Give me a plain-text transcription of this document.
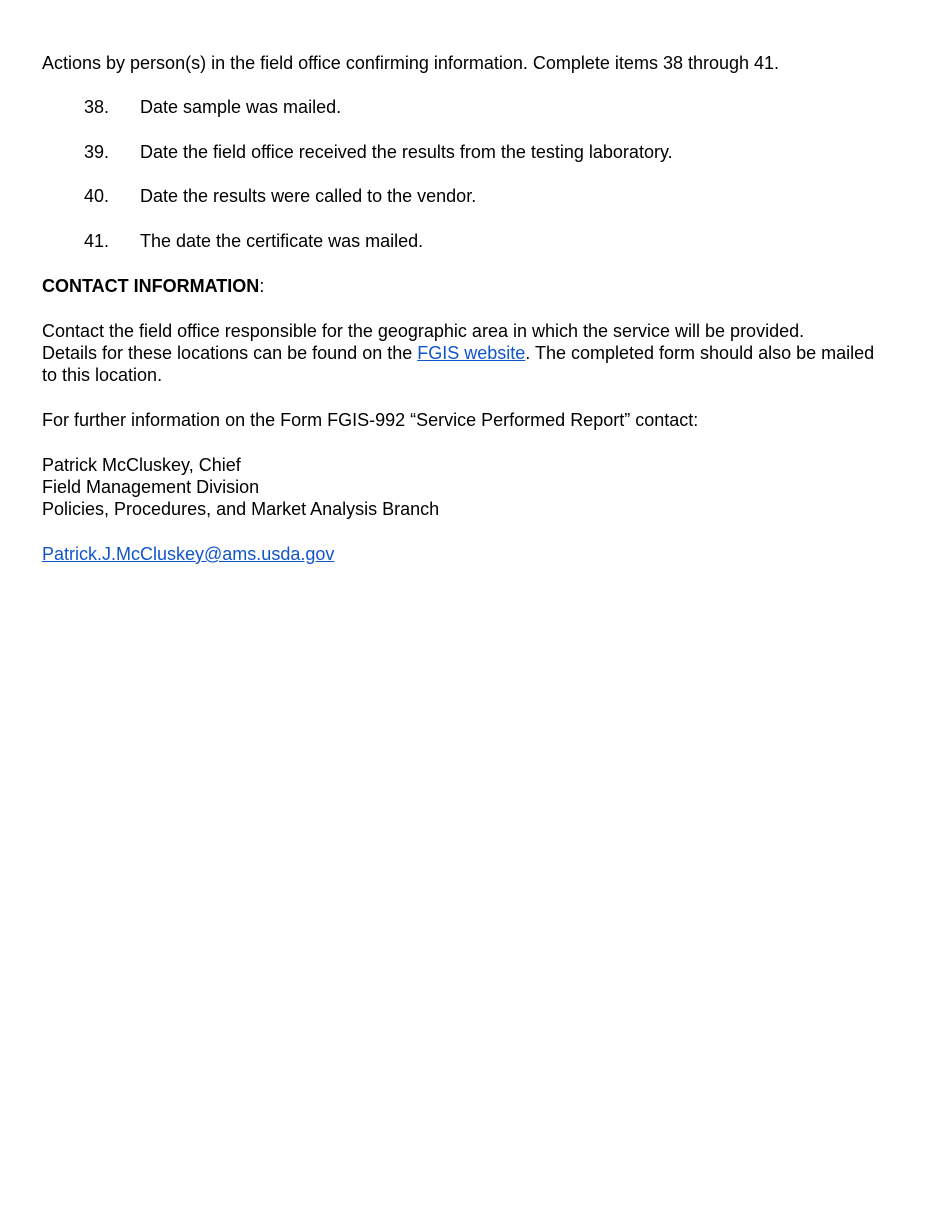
Actions by person(s) in the field office confirming information. Complete items 38 through 41.

38. Date sample was mailed.
39. Date the field office received the results from the testing laboratory.
40. Date the results were called to the vendor.
41. The date the certificate was mailed.

CONTACT INFORMATION:

Contact the field office responsible for the geographic area in which the service will be provided.
Details for these locations can be found on the FGIS website. The completed form should also be mailed
to this location.

For further information on the Form FGIS-992 “Service Performed Report” contact:

Patrick McCluskey, Chief
Field Management Division
Policies, Procedures, and Market Analysis Branch

Patrick.J.McCluskey@ams.usda.gov
